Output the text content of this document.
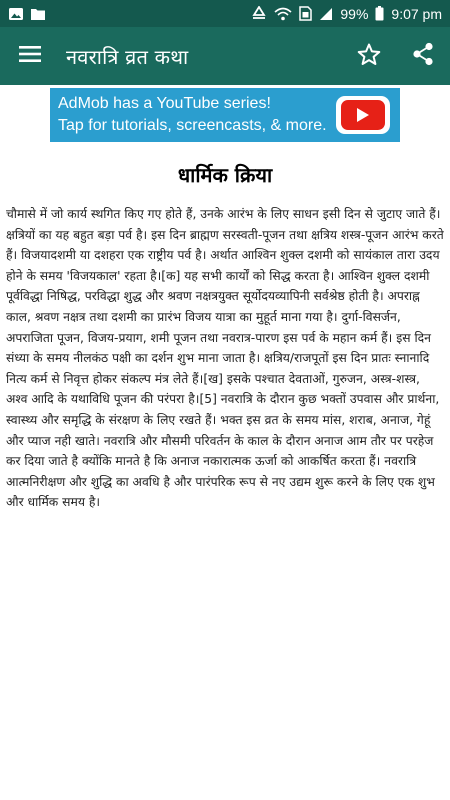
99% 9:07 pm
नवरात्रि व्रत कथा
AdMob has a YouTube series!
Tap for tutorials, screencasts, & more.
धार्मिक क्रिया

चौमासे में जो कार्य स्थगित किए गए होते हैं, उनके आरंभ के लिए साधन इसी दिन से जुटाए जाते हैं। क्षत्रियों का यह बहुत बड़ा पर्व है। इस दिन ब्राह्मण सरस्वती-पूजन तथा क्षत्रिय शस्त्र-पूजन आरंभ करते हैं। विजयादशमी या दशहरा एक राष्ट्रीय पर्व है। अर्थात आश्विन शुक्ल दशमी को सायंकाल तारा उदय होने के समय 'विजयकाल' रहता है।[क] यह सभी कार्यों को सिद्ध करता है। आश्विन शुक्ल दशमी पूर्वविद्धा निषिद्ध, परविद्धा शुद्ध और श्रवण नक्षत्रयुक्त सूर्योदयव्यापिनी सर्वश्रेष्ठ होती है। अपराह्न काल, श्रवण नक्षत्र तथा दशमी का प्रारंभ विजय यात्रा का मुहूर्त माना गया है। दुर्गा-विसर्जन, अपराजिता पूजन, विजय-प्रयाग, शमी पूजन तथा नवरात्र-पारण इस पर्व के महान कर्म हैं। इस दिन संध्या के समय नीलकंठ पक्षी का दर्शन शुभ माना जाता है। क्षत्रिय/राजपूतों इस दिन प्रातः स्नानादि नित्य कर्म से निवृत्त होकर संकल्प मंत्र लेते हैं।[ख] इसके पश्चात देवताओं, गुरुजन, अस्त्र-शस्त्र, अश्व आदि के यथाविधि पूजन की परंपरा है।[5] नवरात्रि के दौरान कुछ भक्तों उपवास और प्रार्थना, स्वास्थ्य और समृद्धि के संरक्षण के लिए रखते हैं। भक्त इस व्रत के समय मांस, शराब, अनाज, गेहूं और प्याज नही खाते। नवरात्रि और मौसमी परिवर्तन के काल के दौरान अनाज आम तौर पर परहेज कर दिया जाते है क्योंकि मानते है कि अनाज नकारात्मक ऊर्जा को आकर्षित करता हैं। नवरात्रि आत्मनिरीक्षण और शुद्धि का अवधि है और पारंपरिक रूप से नए उद्यम शुरू करने के लिए एक शुभ और धार्मिक समय है।
